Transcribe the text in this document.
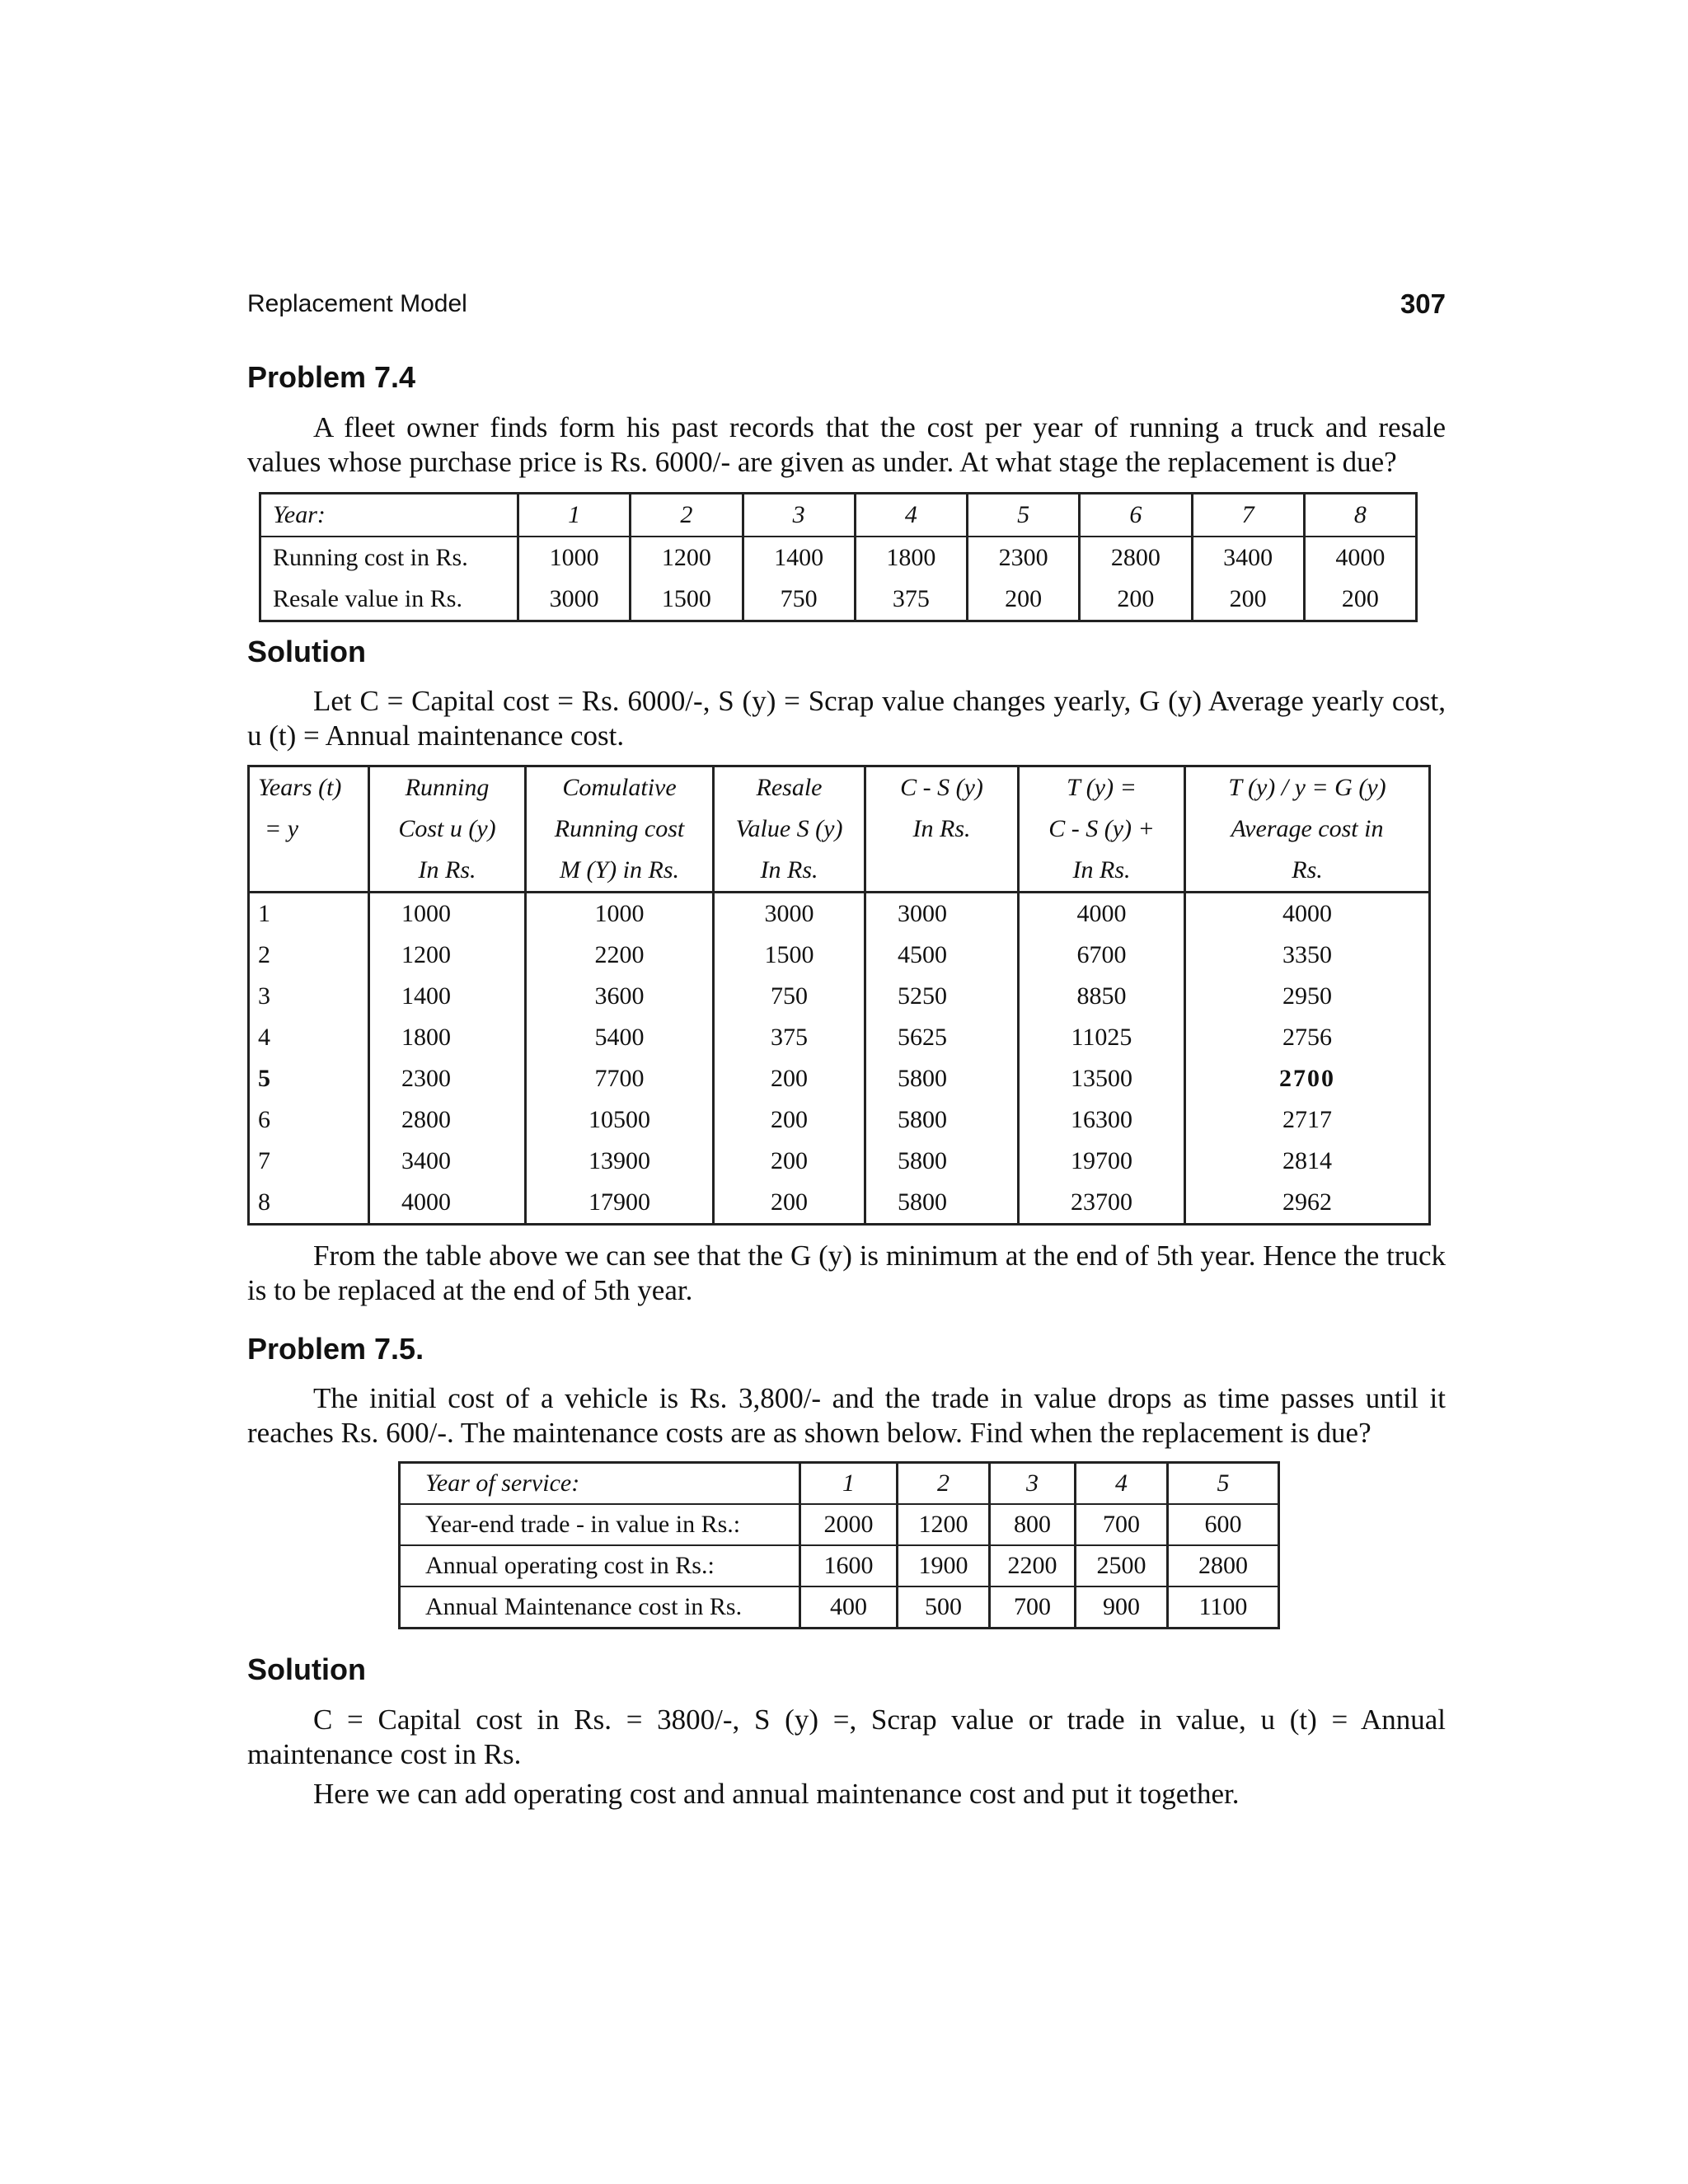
Replacement Model	307
Problem 7.4
A fleet owner finds form his past records that the cost per year of running a truck and resale values whose purchase price is Rs. 6000/- are given as under. At what stage the replacement is due?
Year:	1	2	3	4	5	6	7	8
Running cost in Rs.	1000	1200	1400	1800	2300	2800	3400	4000
Resale value in Rs.	3000	1500	750	375	200	200	200	200
Solution
Let C = Capital cost = Rs. 6000/-, S (y) = Scrap value changes yearly, G (y) Average yearly cost, u (t) = Annual maintenance cost.
Years (t)	Running	Comulative	Resale	C - S (y)	T (y) =	T (y) / y = G (y)
= y	Cost u (y)	Running cost	Value S (y)	In Rs.	C - S (y) +	Average cost in
	In Rs.	M (Y) in Rs.	In Rs.		In Rs.	Rs.
1	1000	1000	3000	3000	4000	4000
2	1200	2200	1500	4500	6700	3350
3	1400	3600	750	5250	8850	2950
4	1800	5400	375	5625	11025	2756
5	2300	7700	200	5800	13500	2700
6	2800	10500	200	5800	16300	2717
7	3400	13900	200	5800	19700	2814
8	4000	17900	200	5800	23700	2962
From the table above we can see that the G (y) is minimum at the end of 5th year. Hence the truck is to be replaced at the end of 5th year.
Problem 7.5.
The initial cost of a vehicle is Rs. 3,800/- and the trade in value drops as time passes until it reaches Rs. 600/-. The maintenance costs are as shown below. Find when the replacement is due?
Year of service:	1	2	3	4	5
Year-end trade - in value in Rs.:	2000	1200	800	700	600
Annual operating cost in Rs.:	1600	1900	2200	2500	2800
Annual Maintenance cost in Rs.	400	500	700	900	1100
Solution
C = Capital cost in Rs. = 3800/-, S (y) =, Scrap value or trade in value, u (t) = Annual maintenance cost in Rs.
Here we can add operating cost and annual maintenance cost and put it together.
